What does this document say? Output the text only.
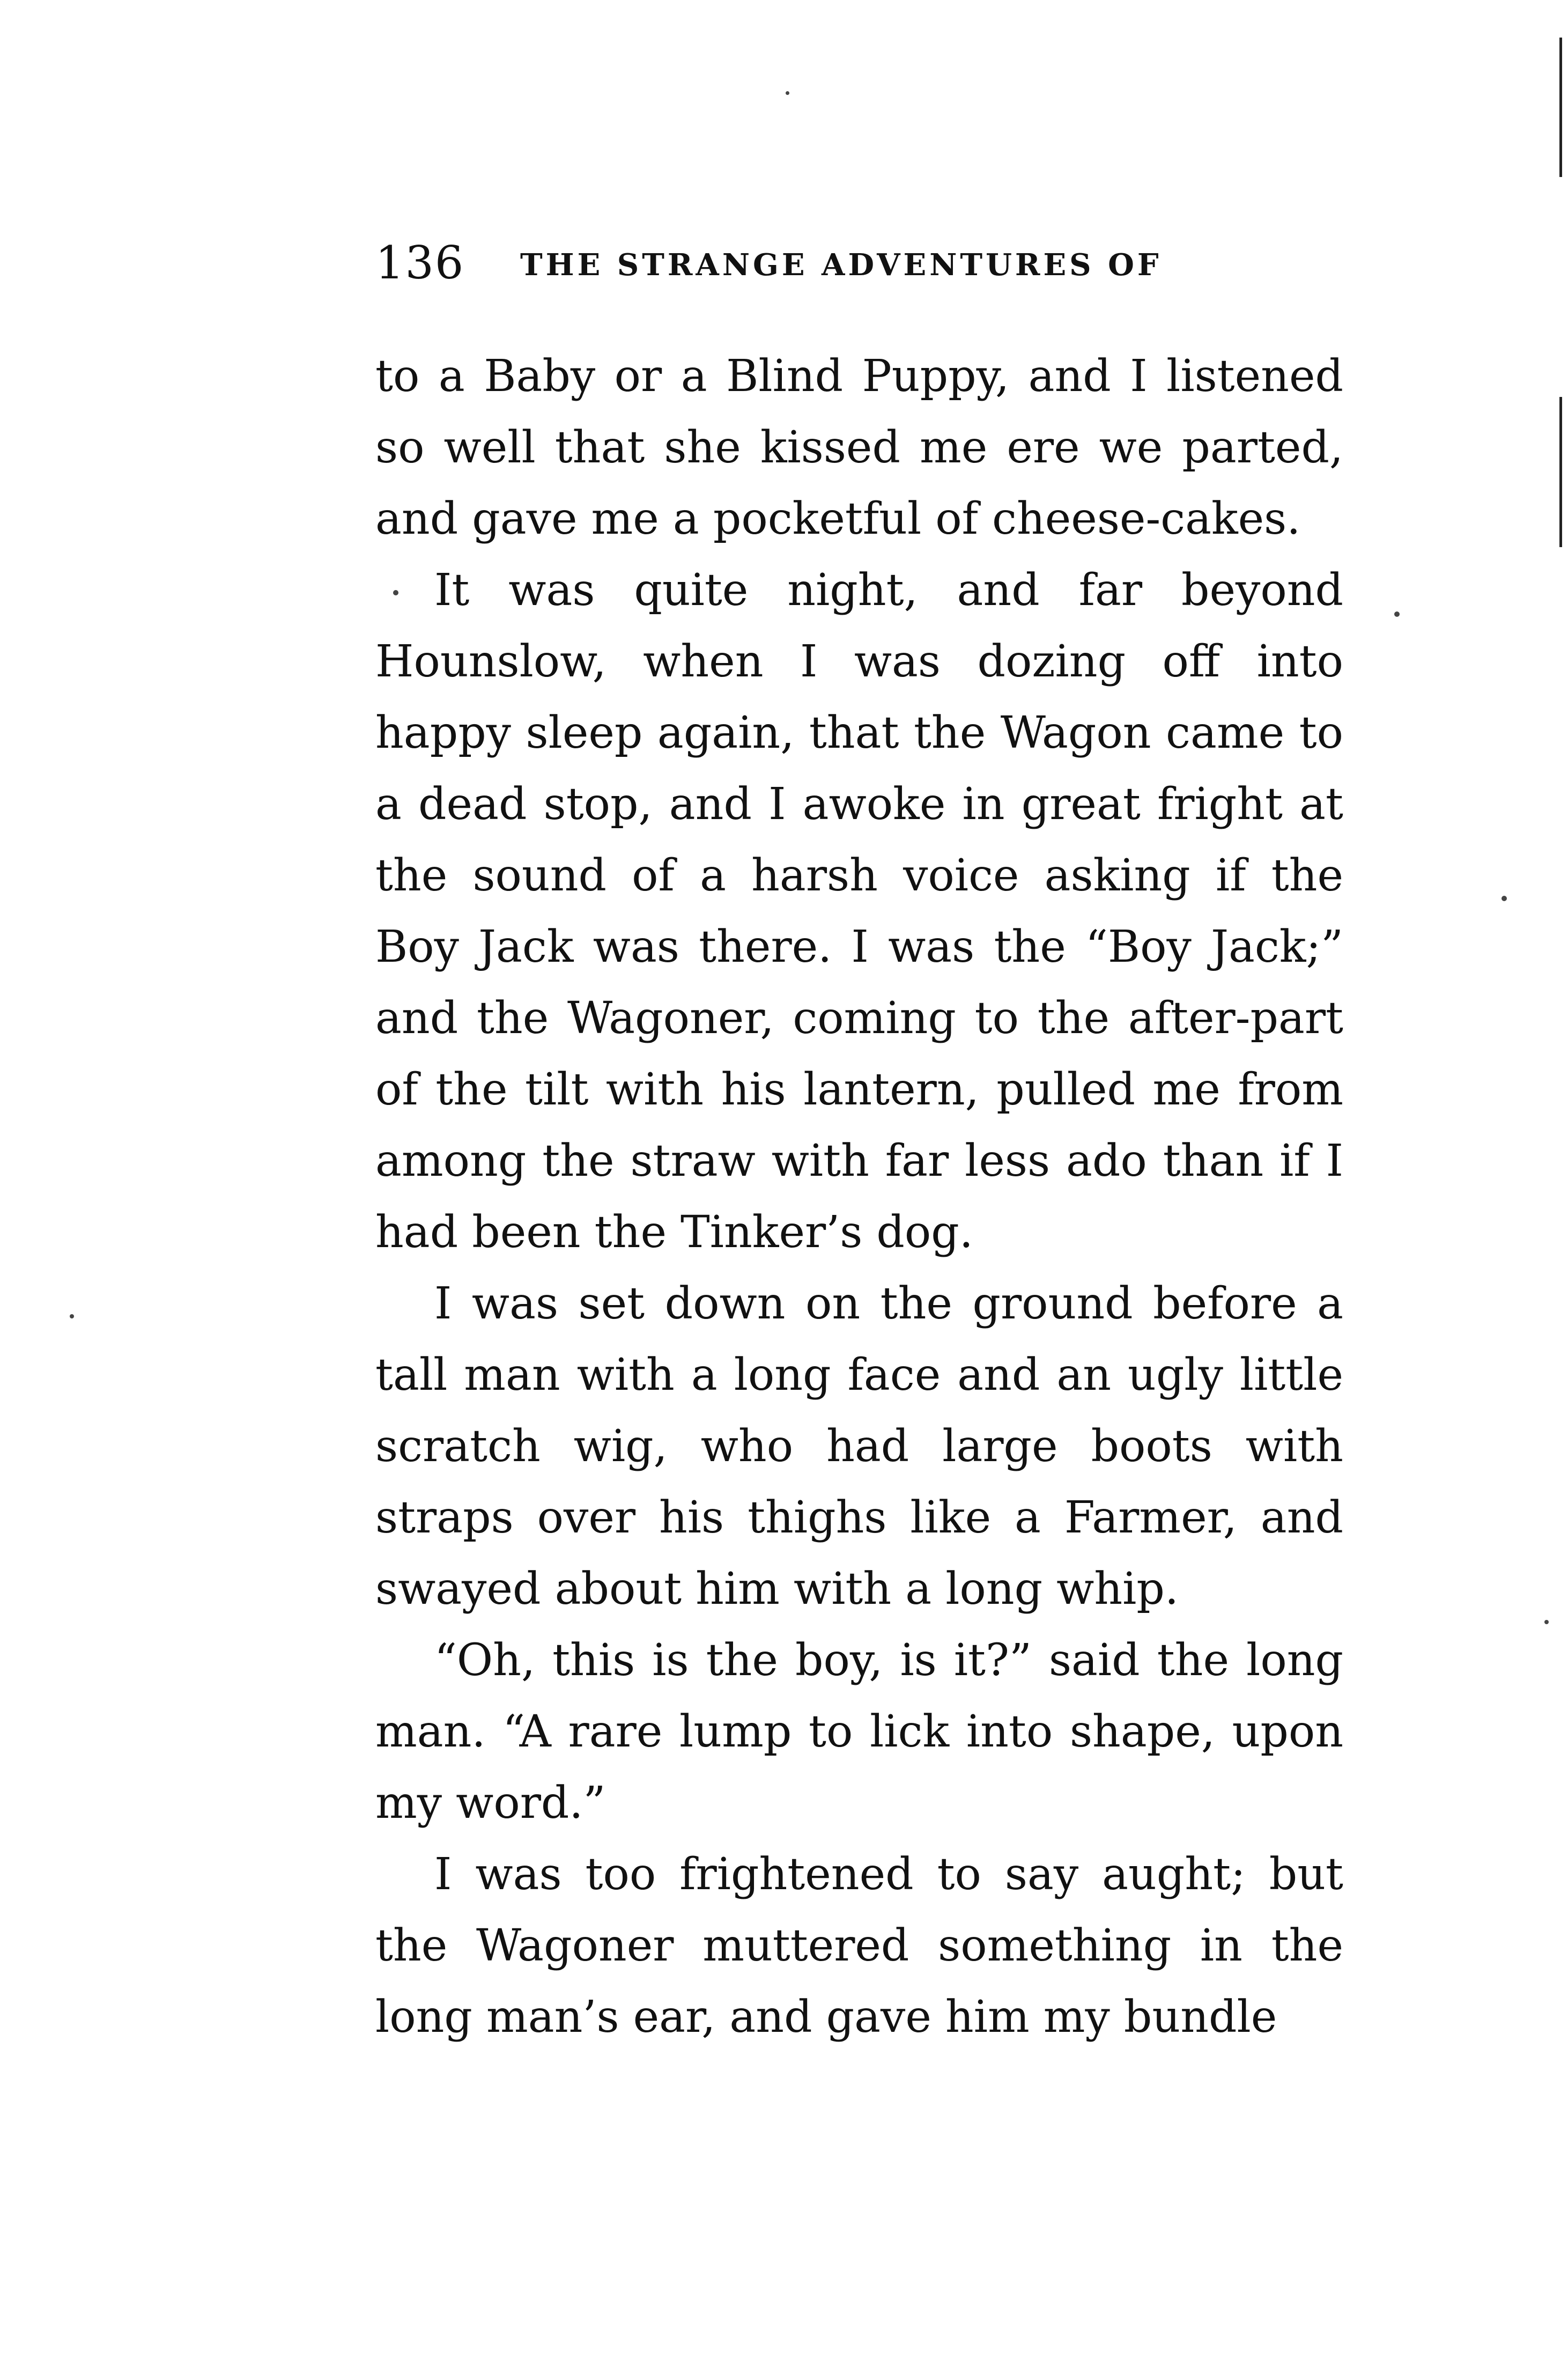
136 THE STRANGE ADVENTURES OF

to a Baby or a Blind Puppy, and I listened so well that she kissed me ere we parted, and gave me a pocketful of cheese-cakes.

It was quite night, and far beyond Hounslow, when I was dozing off into happy sleep again, that the Wagon came to a dead stop, and I awoke in great fright at the sound of a harsh voice asking if the Boy Jack was there. I was the “Boy Jack;” and the Wagoner, coming to the after-part of the tilt with his lantern, pulled me from among the straw with far less ado than if I had been the Tinker’s dog.

I was set down on the ground before a tall man with a long face and an ugly little scratch wig, who had large boots with straps over his thighs like a Farmer, and swayed about him with a long whip.

“Oh, this is the boy, is it?” said the long man. “A rare lump to lick into shape, upon my word.”

I was too frightened to say aught; but the Wagoner muttered something in the long man’s ear, and gave him my bundle
